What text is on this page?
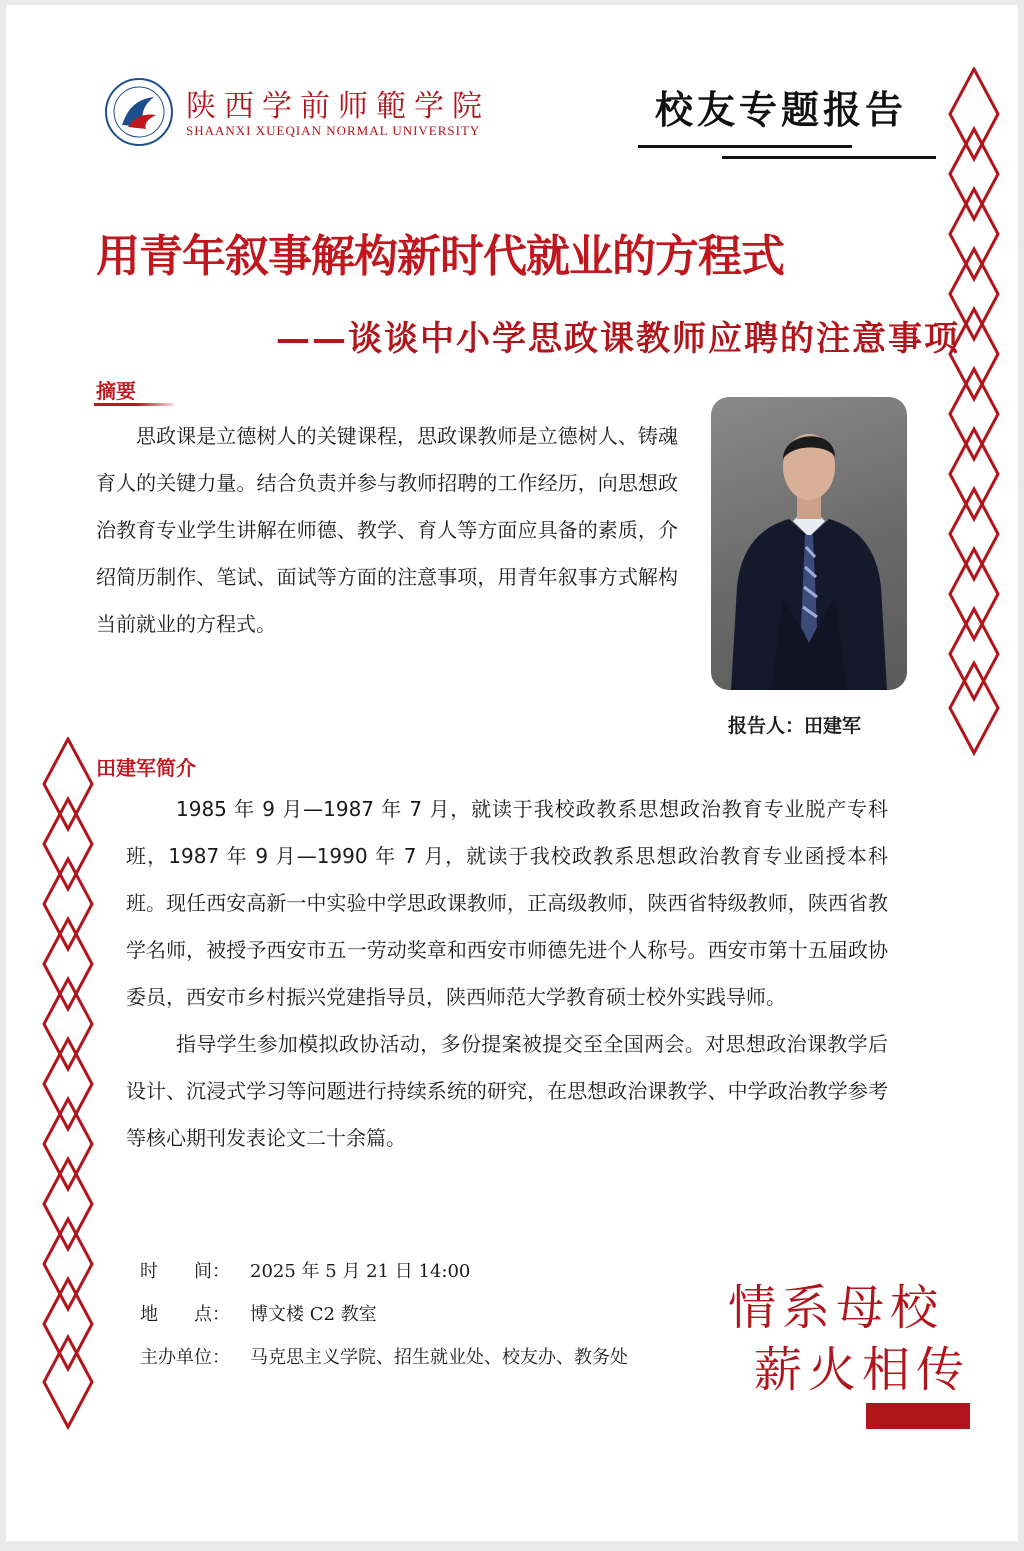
陕西学前师範学院
SHAANXI XUEQIAN NORMAL UNIVERSITY	校友专题报告
用青年叙事解构新时代就业的方程式
——谈谈中小学思政课教师应聘的注意事项
摘要

思政课是立德树人的关键课程，思政课教师是立德树人、铸魂育人的关键力量。结合负责并参与教师招聘的工作经历，向思想政治教育专业学生讲解在师德、教学、育人等方面应具备的素质，介绍简历制作、笔试、面试等方面的注意事项，用青年叙事方式解构当前就业的方程式。

报告人：田建军
田建军简介

1985 年 9 月—1987 年 7 月，就读于我校政教系思想政治教育专业脱产专科班，1987 年 9 月—1990 年 7 月，就读于我校政教系思想政治教育专业函授本科班。现任西安高新一中实验中学思政课教师，正高级教师，陕西省特级教师，陕西省教学名师，被授予西安市五一劳动奖章和西安市师德先进个人称号。西安市第十五届政协委员，西安市乡村振兴党建指导员，陕西师范大学教育硕士校外实践导师。

指导学生参加模拟政协活动，多份提案被提交至全国两会。对思想政治课教学后设计、沉浸式学习等问题进行持续系统的研究，在思想政治课教学、中学政治教学参考等核心期刊发表论文二十余篇。

时　　间： 2025 年 5 月 21 日 14:00
地　　点： 博文楼 C2 教室
主办单位： 马克思主义学院、招生就业处、校友办、教务处
情系母校
薪火相传
